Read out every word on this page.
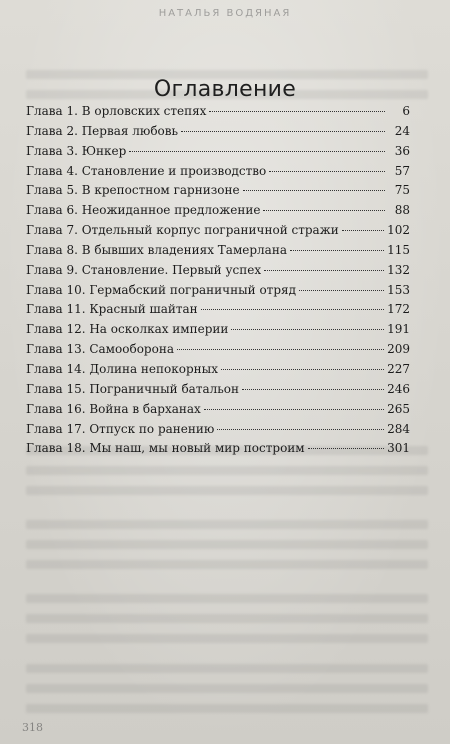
НАТАЛЬЯ ВОДЯНАЯ
Оглавление
Глава 1. В орловских степях	6
Глава 2. Первая любовь	24
Глава 3. Юнкер	36
Глава 4. Становление и производство	57
Глава 5. В крепостном гарнизоне	75
Глава 6. Неожиданное предложение	88
Глава 7. Отдельный корпус пограничной стражи	102
Глава 8. В бывших владениях Тамерлана	115
Глава 9. Становление. Первый успех	132
Глава 10. Гермабский пограничный отряд	153
Глава 11. Красный шайтан	172
Глава 12. На осколках империи	191
Глава 13. Самооборона	209
Глава 14. Долина непокорных	227
Глава 15. Пограничный батальон	246
Глава 16. Война в барханах	265
Глава 17. Отпуск по ранению	284
Глава 18. Мы наш, мы новый мир построим	301
318
